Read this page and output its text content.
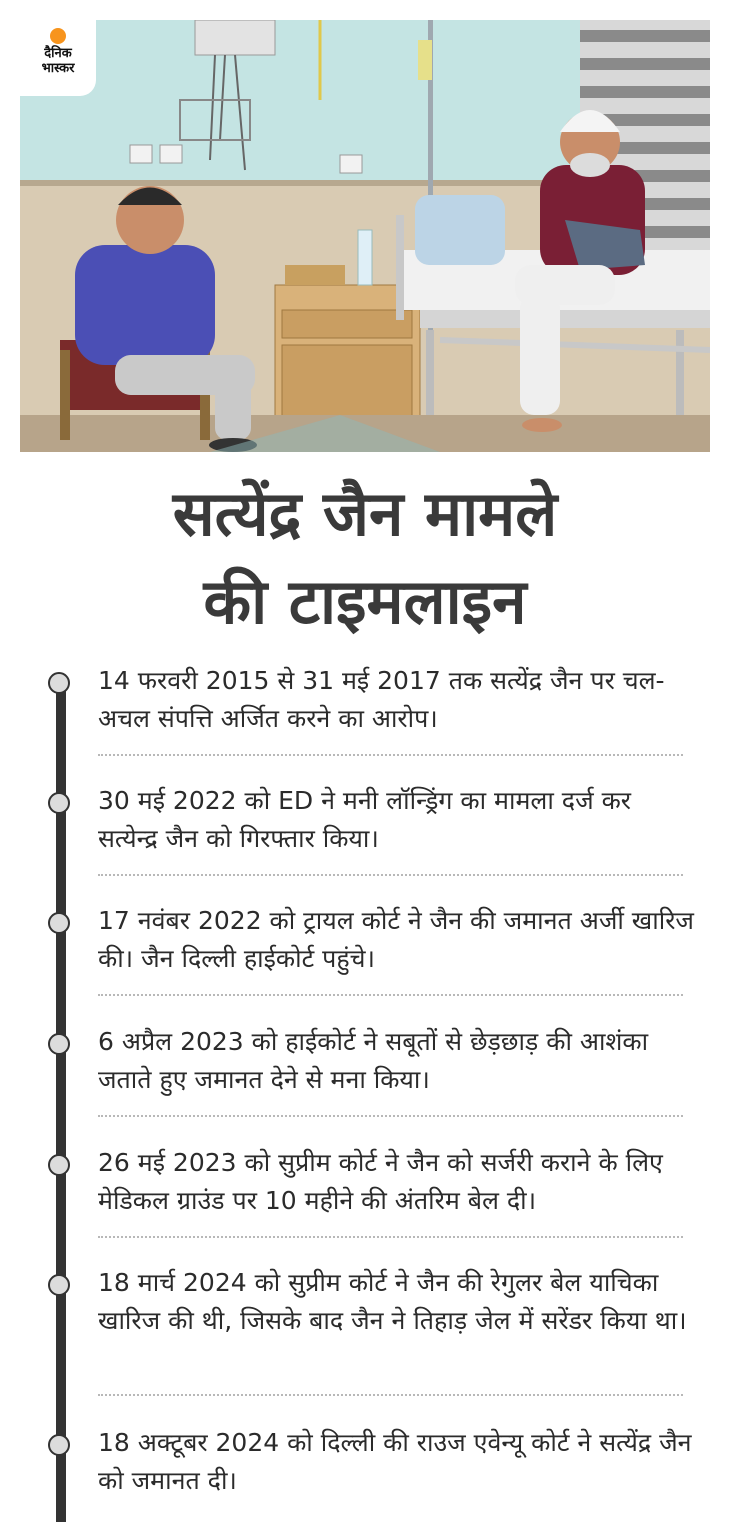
दैनिक
भास्कर
सत्येंद्र जैन मामले
की टाइमलाइन

14 फरवरी 2015 से 31 मई 2017 तक सत्येंद्र जैन पर चल-अचल संपत्ति अर्जित करने का आरोप।

30 मई 2022 को ED ने मनी लॉन्ड्रिंग का मामला दर्ज कर सत्येन्द्र जैन को गिरफ्तार किया।

17 नवंबर 2022 को ट्रायल कोर्ट ने जैन की जमानत अर्जी खारिज की। जैन दिल्ली हाईकोर्ट पहुंचे।

6 अप्रैल 2023 को हाईकोर्ट ने सबूतों से छेड़छाड़ की आशंका जताते हुए जमानत देने से मना किया।

26 मई 2023 को सुप्रीम कोर्ट ने जैन को सर्जरी कराने के लिए मेडिकल ग्राउंड पर 10 महीने की अंतरिम बेल दी।

18 मार्च 2024 को सुप्रीम कोर्ट ने जैन की रेगुलर बेल याचिका खारिज की थी, जिसके बाद जैन ने तिहाड़ जेल में सरेंडर किया था।

18 अक्टूबर 2024 को दिल्ली की राउज एवेन्यू कोर्ट ने सत्येंद्र जैन को जमानत दी।
